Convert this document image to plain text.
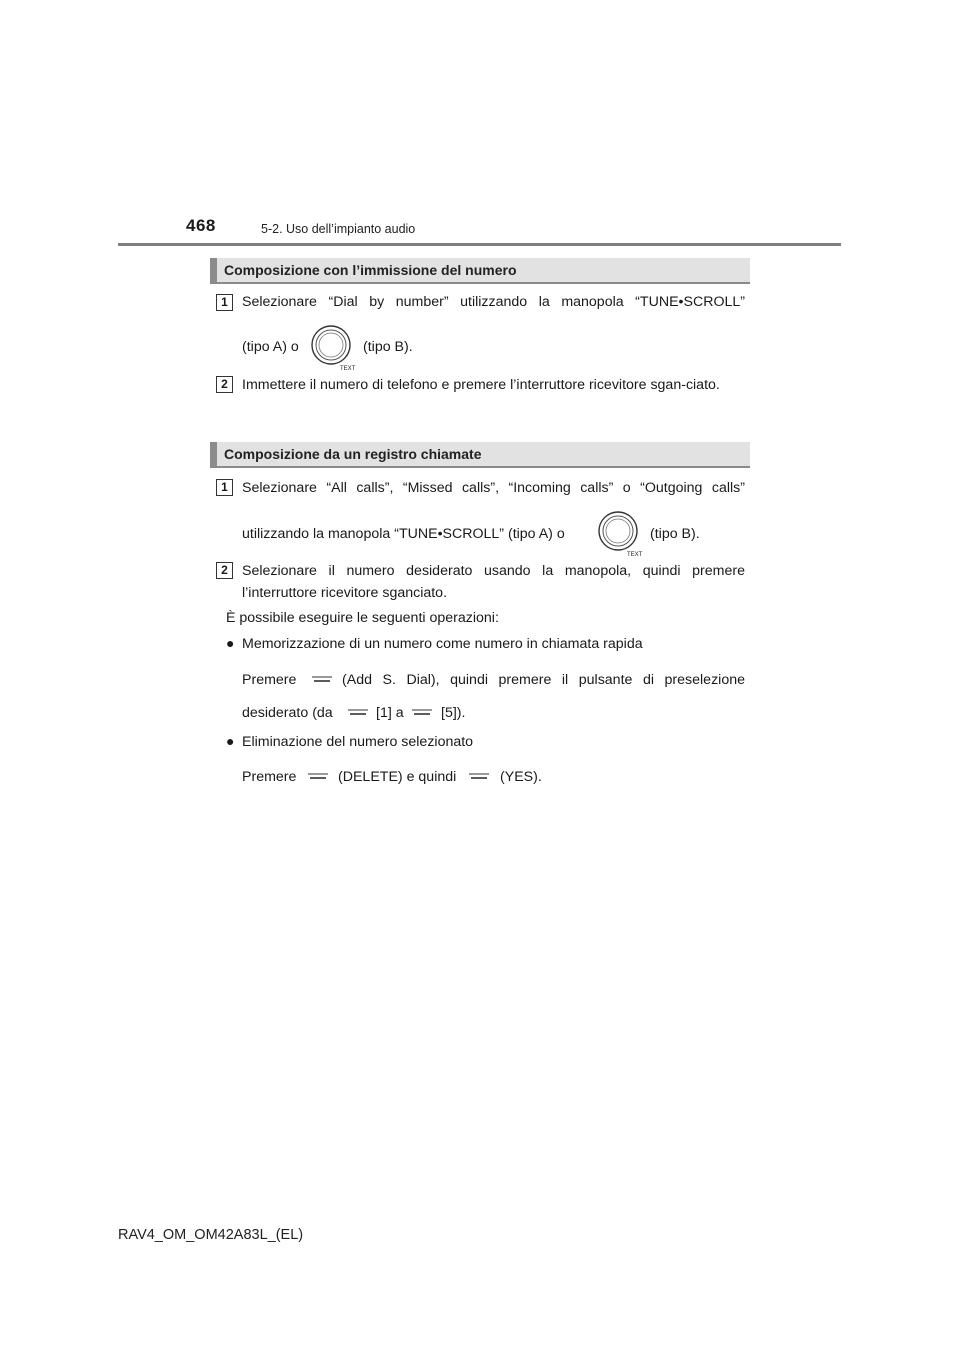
468	5-2. Uso dell’impianto audio
Composizione con l’immissione del numero
1 Selezionare “Dial by number” utilizzando la manopola “TUNE•SCROLL”
(tipo A) o
TEXT
(tipo B).
2 Immettere il numero di telefono e premere l’interruttore ricevitore sgan-ciato.
Composizione da un registro chiamate
1 Selezionare “All calls”, “Missed calls”, “Incoming calls” o “Outgoing calls”
utilizzando la manopola “TUNE•SCROLL” (tipo A) o
TEXT
(tipo B).
2 Selezionare il numero desiderato usando la manopola, quindi premere l’interruttore ricevitore sganciato.
È possibile eseguire le seguenti operazioni:
● Memorizzazione di un numero come numero in chiamata rapida
Premere	(Add S. Dial), quindi premere il pulsante di preselezione
desiderato (da	[1] a	[5]).
● Eliminazione del numero selezionato
Premere	(DELETE) e quindi	(YES).
RAV4_OM_OM42A83L_(EL)
